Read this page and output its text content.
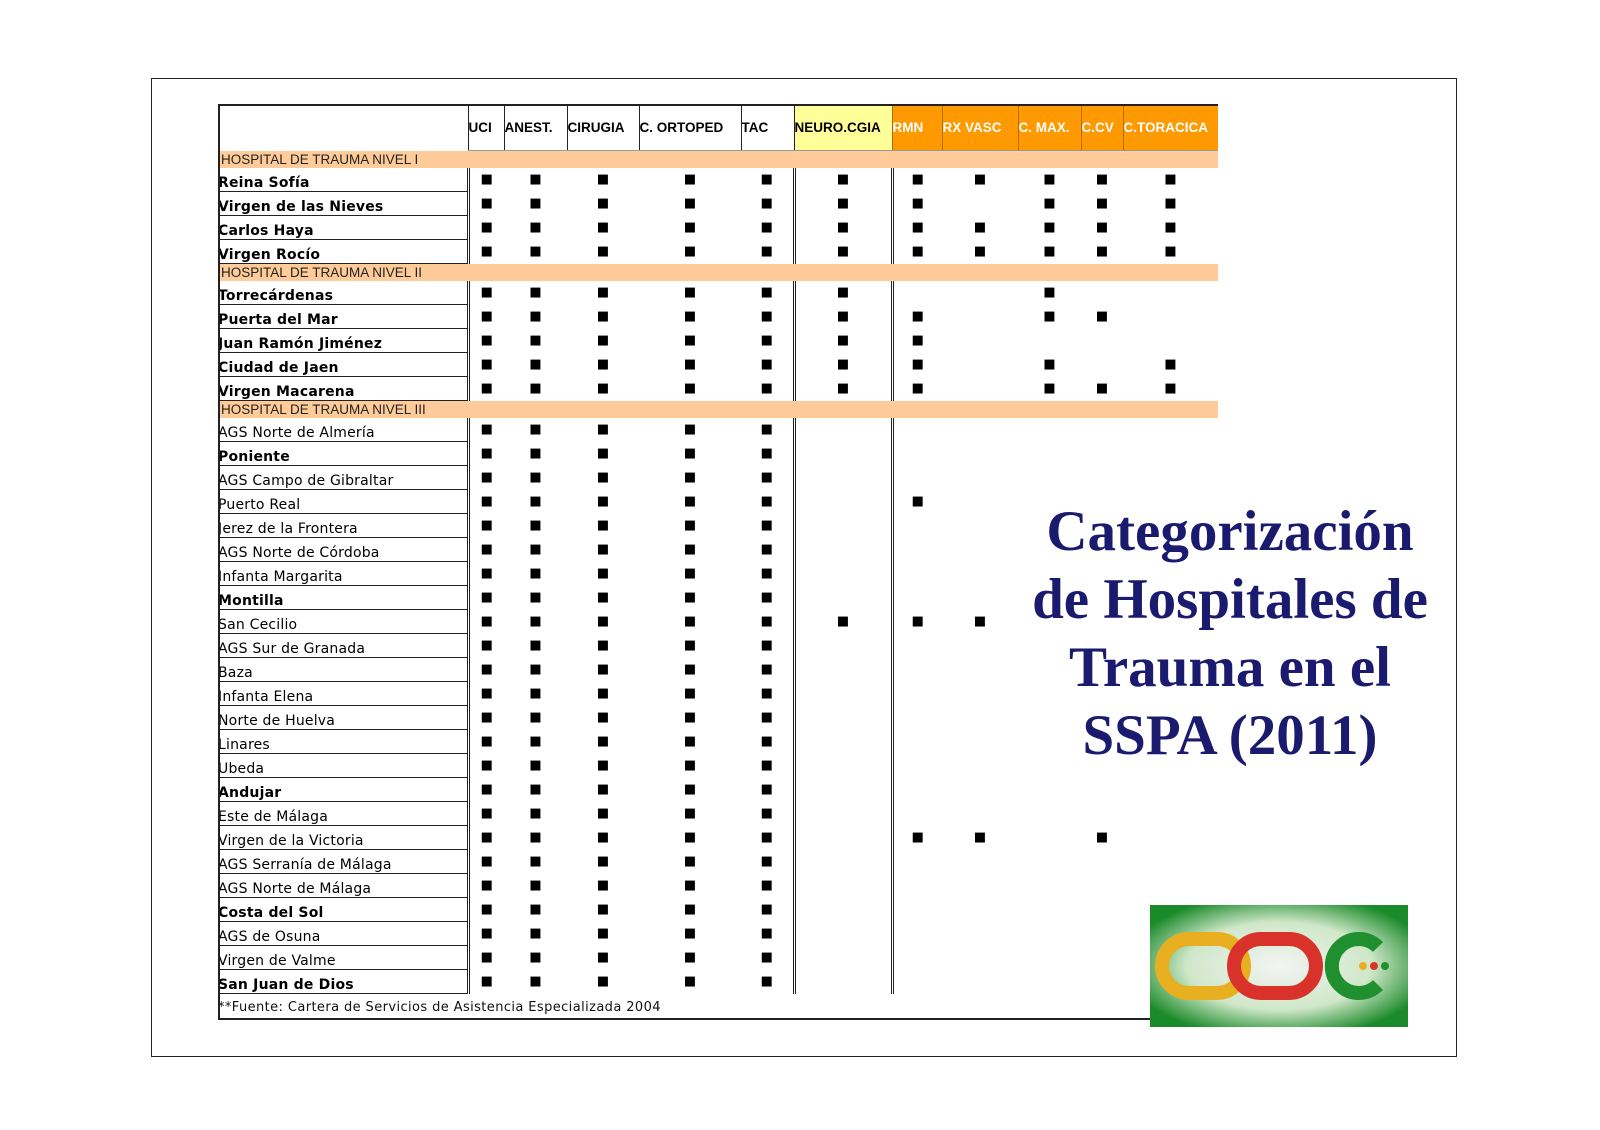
	UCI	ANEST.	CIRUGIA	C. ORTOPED	TAC	NEURO.CGIA	RMN	RX VASC	C. MAX.	C.CV	C.TORACICA
HOSPITAL DE TRAUMA NIVEL I											
Reina Sofía	■	■	■	■	■	■	■	■	■	■	■
Virgen de las Nieves	■	■	■	■	■	■	■		■	■	■
Carlos Haya	■	■	■	■	■	■	■	■	■	■	■
Virgen Rocío	■	■	■	■	■	■	■	■	■	■	■
HOSPITAL DE TRAUMA NIVEL II											
Torrecárdenas	■	■	■	■	■	■			■		
Puerta del Mar	■	■	■	■	■	■	■		■	■	
Juan Ramón Jiménez	■	■	■	■	■	■	■				
Ciudad de Jaen	■	■	■	■	■	■	■		■		■
Virgen Macarena	■	■	■	■	■	■	■		■	■	■
HOSPITAL DE TRAUMA NIVEL III											
AGS Norte de Almería	■	■	■	■	■						
Poniente	■	■	■	■	■						
AGS Campo de Gibraltar	■	■	■	■	■						
Puerto Real	■	■	■	■	■		■				
Jerez de la Frontera	■	■	■	■	■						
AGS Norte de Córdoba	■	■	■	■	■						
Infanta Margarita	■	■	■	■	■						
Montilla	■	■	■	■	■						
San Cecilio	■	■	■	■	■	■	■	■			
AGS Sur de Granada	■	■	■	■	■						
Baza	■	■	■	■	■						
Infanta Elena	■	■	■	■	■						
Norte de Huelva	■	■	■	■	■						
Linares	■	■	■	■	■						
Ubeda	■	■	■	■	■						
Andujar	■	■	■	■	■						
Este de Málaga	■	■	■	■	■						
Virgen de la Victoria	■	■	■	■	■		■	■		■	
AGS Serranía de Málaga	■	■	■	■	■						
AGS Norte de Málaga	■	■	■	■	■						
Costa del Sol	■	■	■	■	■						
AGS de Osuna	■	■	■	■	■						
Virgen de Valme	■	■	■	■	■						
San Juan de Dios	■	■	■	■	■						
**Fuente: Cartera de Servicios de Asistencia Especializada 2004											
Categorización de Hospitales de Trauma en el SSPA (2011)
